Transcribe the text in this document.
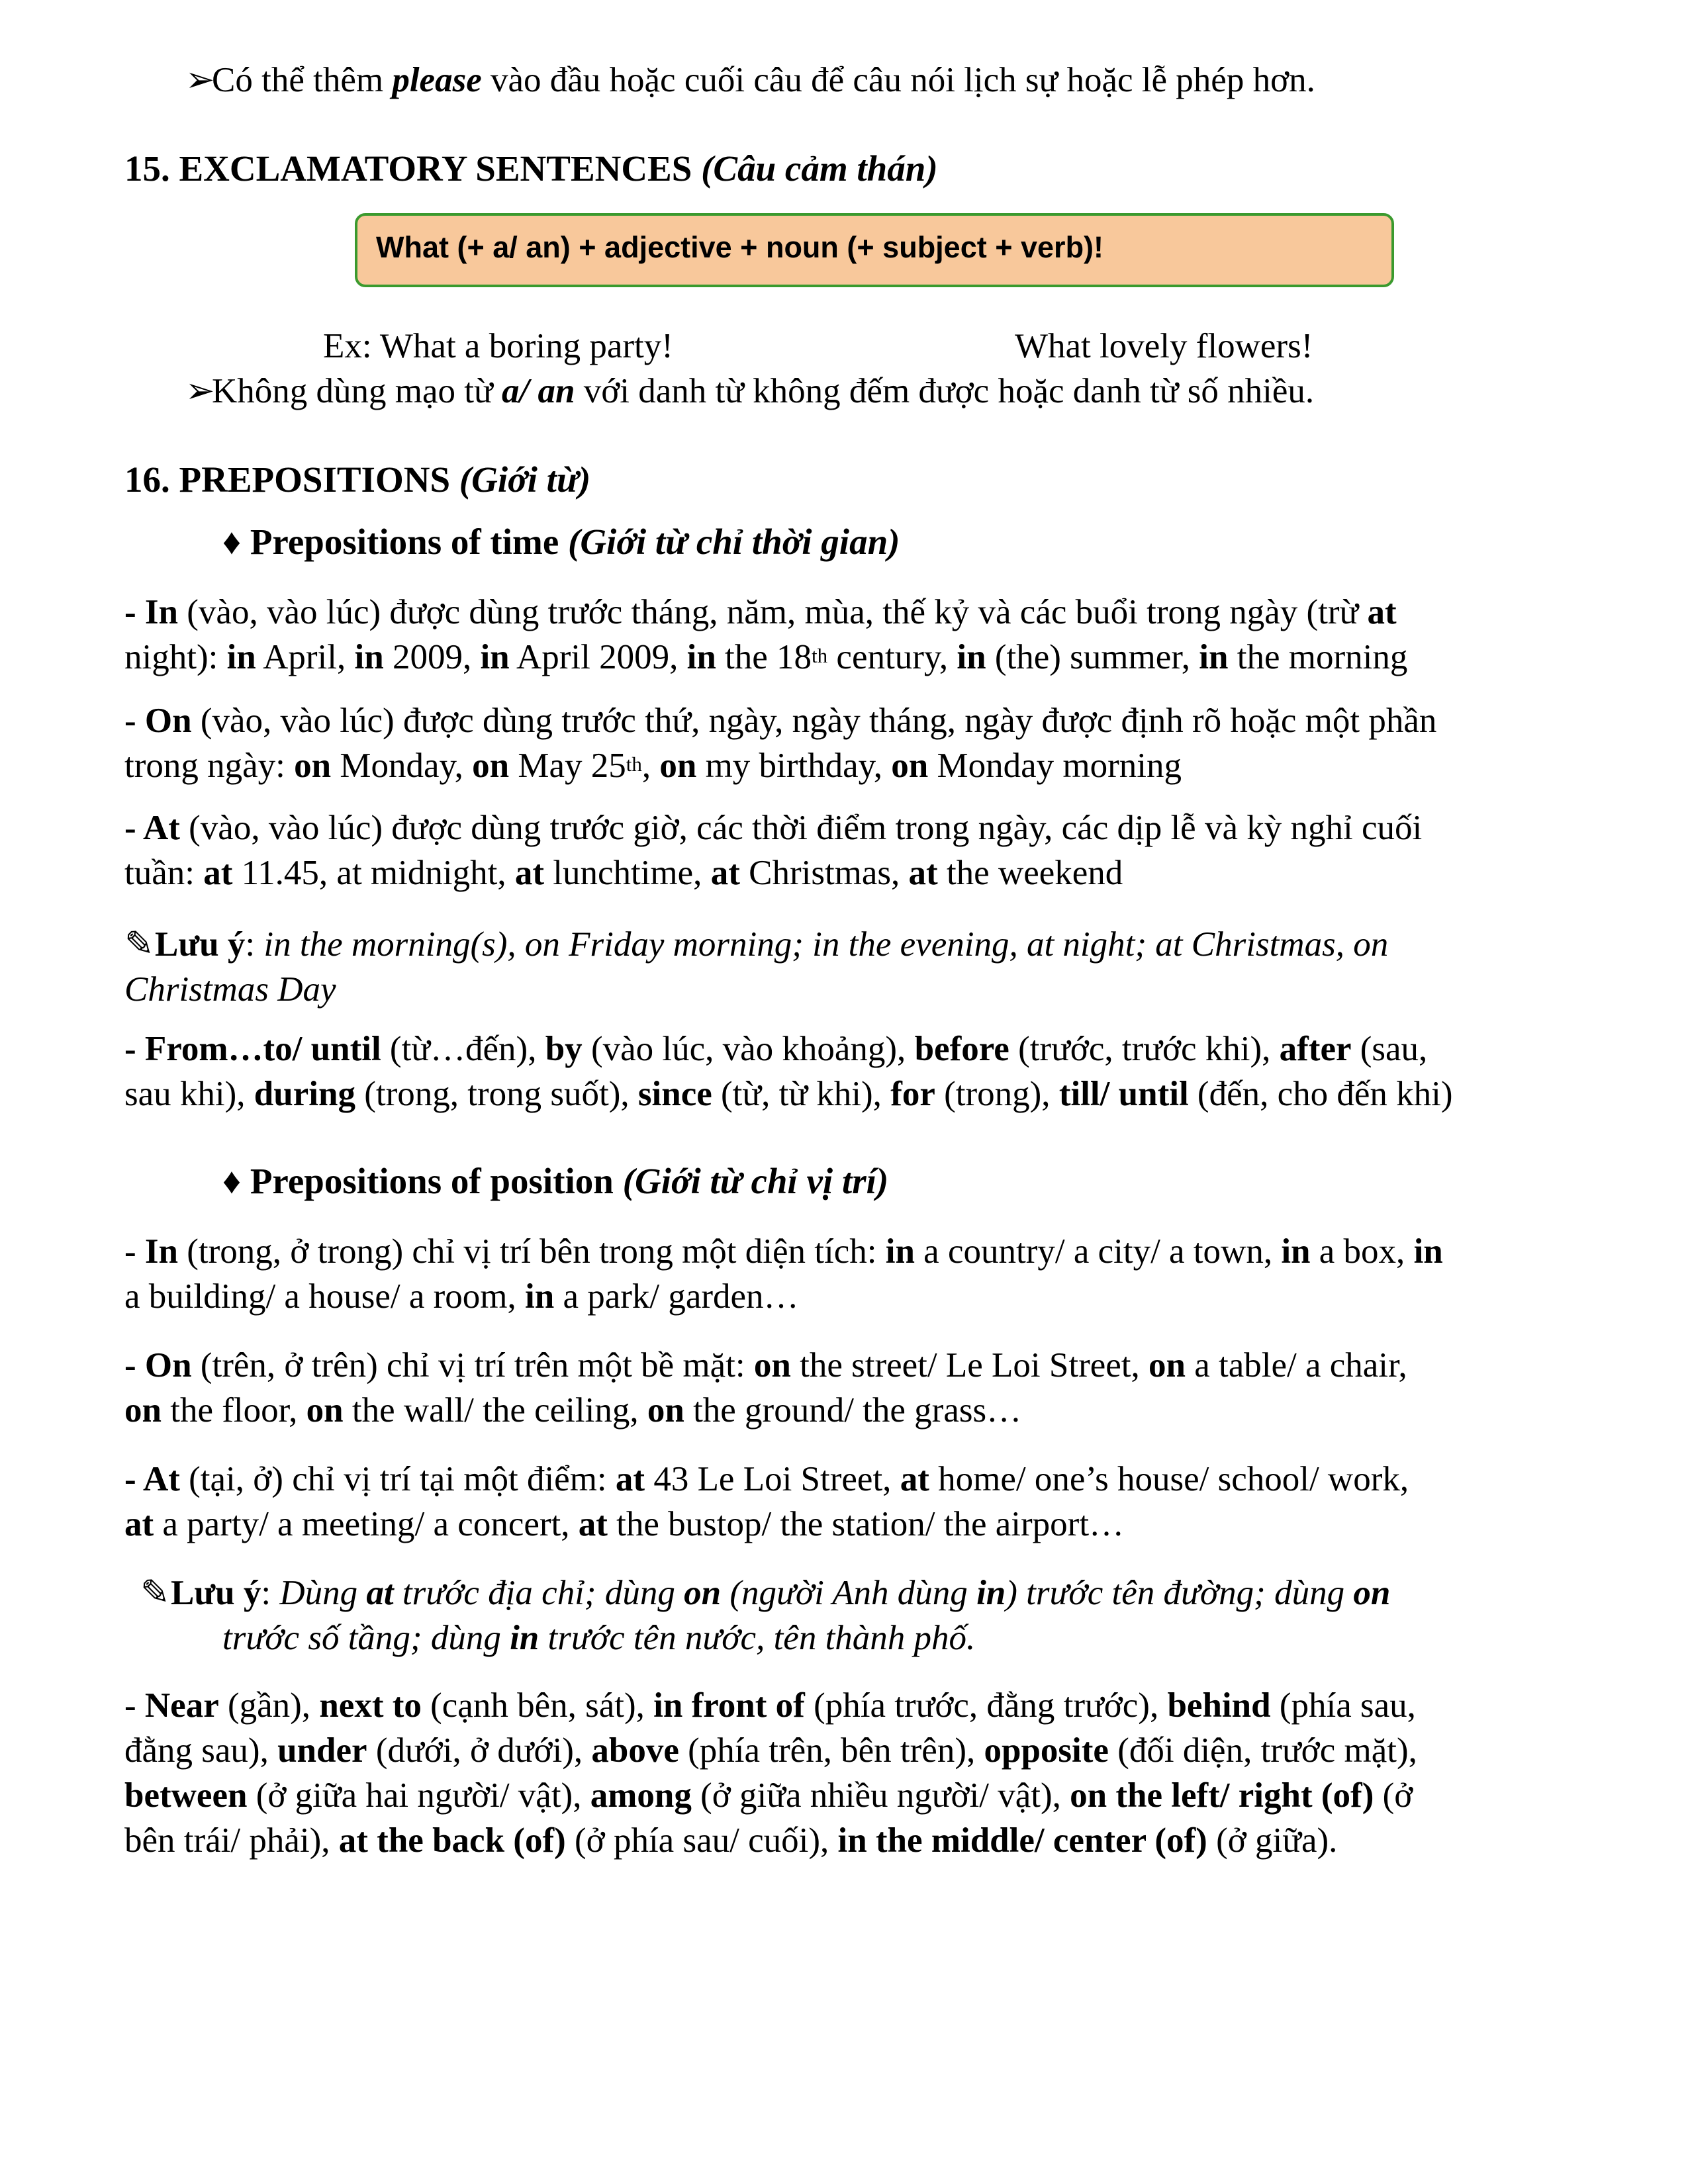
➢Có thể thêm please vào đầu hoặc cuối câu để câu nói lịch sự hoặc lễ phép hơn.
15. EXCLAMATORY SENTENCES (Câu cảm thán)
What (+ a/ an) + adjective + noun (+ subject + verb)!
Ex: What a boring party!	What lovely flowers!
➢Không dùng mạo từ a/ an với danh từ không đếm được hoặc danh từ số nhiều.
16. PREPOSITIONS (Giới từ)
♦ Prepositions of time (Giới từ chỉ thời gian)
- In (vào, vào lúc) được dùng trước tháng, năm, mùa, thế kỷ và các buổi trong ngày (trừ at
night): in April, in 2009, in April 2009, in the 18th century, in (the) summer, in the morning
- On (vào, vào lúc) được dùng trước thứ, ngày, ngày tháng, ngày được định rõ hoặc một phần
trong ngày: on Monday, on May 25th, on my birthday, on Monday morning
- At (vào, vào lúc) được dùng trước giờ, các thời điểm trong ngày, các dịp lễ và kỳ nghỉ cuối
tuần: at 11.45, at midnight, at lunchtime, at Christmas, at the weekend
✎Lưu ý: in the morning(s), on Friday morning; in the evening, at night; at Christmas, on
Christmas Day
- From…to/ until (từ…đến), by (vào lúc, vào khoảng), before (trước, trước khi), after (sau,
sau khi), during (trong, trong suốt), since (từ, từ khi), for (trong), till/ until (đến, cho đến khi)
♦ Prepositions of position (Giới từ chỉ vị trí)
- In (trong, ở trong) chỉ vị trí bên trong một diện tích: in a country/ a city/ a town, in a box, in
a building/ a house/ a room, in a park/ garden…
- On (trên, ở trên) chỉ vị trí trên một bề mặt: on the street/ Le Loi Street, on a table/ a chair,
on the floor, on the wall/ the ceiling, on the ground/ the grass…
- At (tại, ở) chỉ vị trí tại một điểm: at 43 Le Loi Street, at home/ one’s house/ school/ work,
at a party/ a meeting/ a concert, at the bustop/ the station/ the airport…
✎Lưu ý: Dùng at trước địa chỉ; dùng on (người Anh dùng in) trước tên đường; dùng on
trước số tầng; dùng in trước tên nước, tên thành phố.
- Near (gần), next to (cạnh bên, sát), in front of (phía trước, đằng trước), behind (phía sau,
đằng sau), under (dưới, ở dưới), above (phía trên, bên trên), opposite (đối diện, trước mặt),
between (ở giữa hai người/ vật), among (ở giữa nhiều người/ vật), on the left/ right (of) (ở
bên trái/ phải), at the back (of) (ở phía sau/ cuối), in the middle/ center (of) (ở giữa).
